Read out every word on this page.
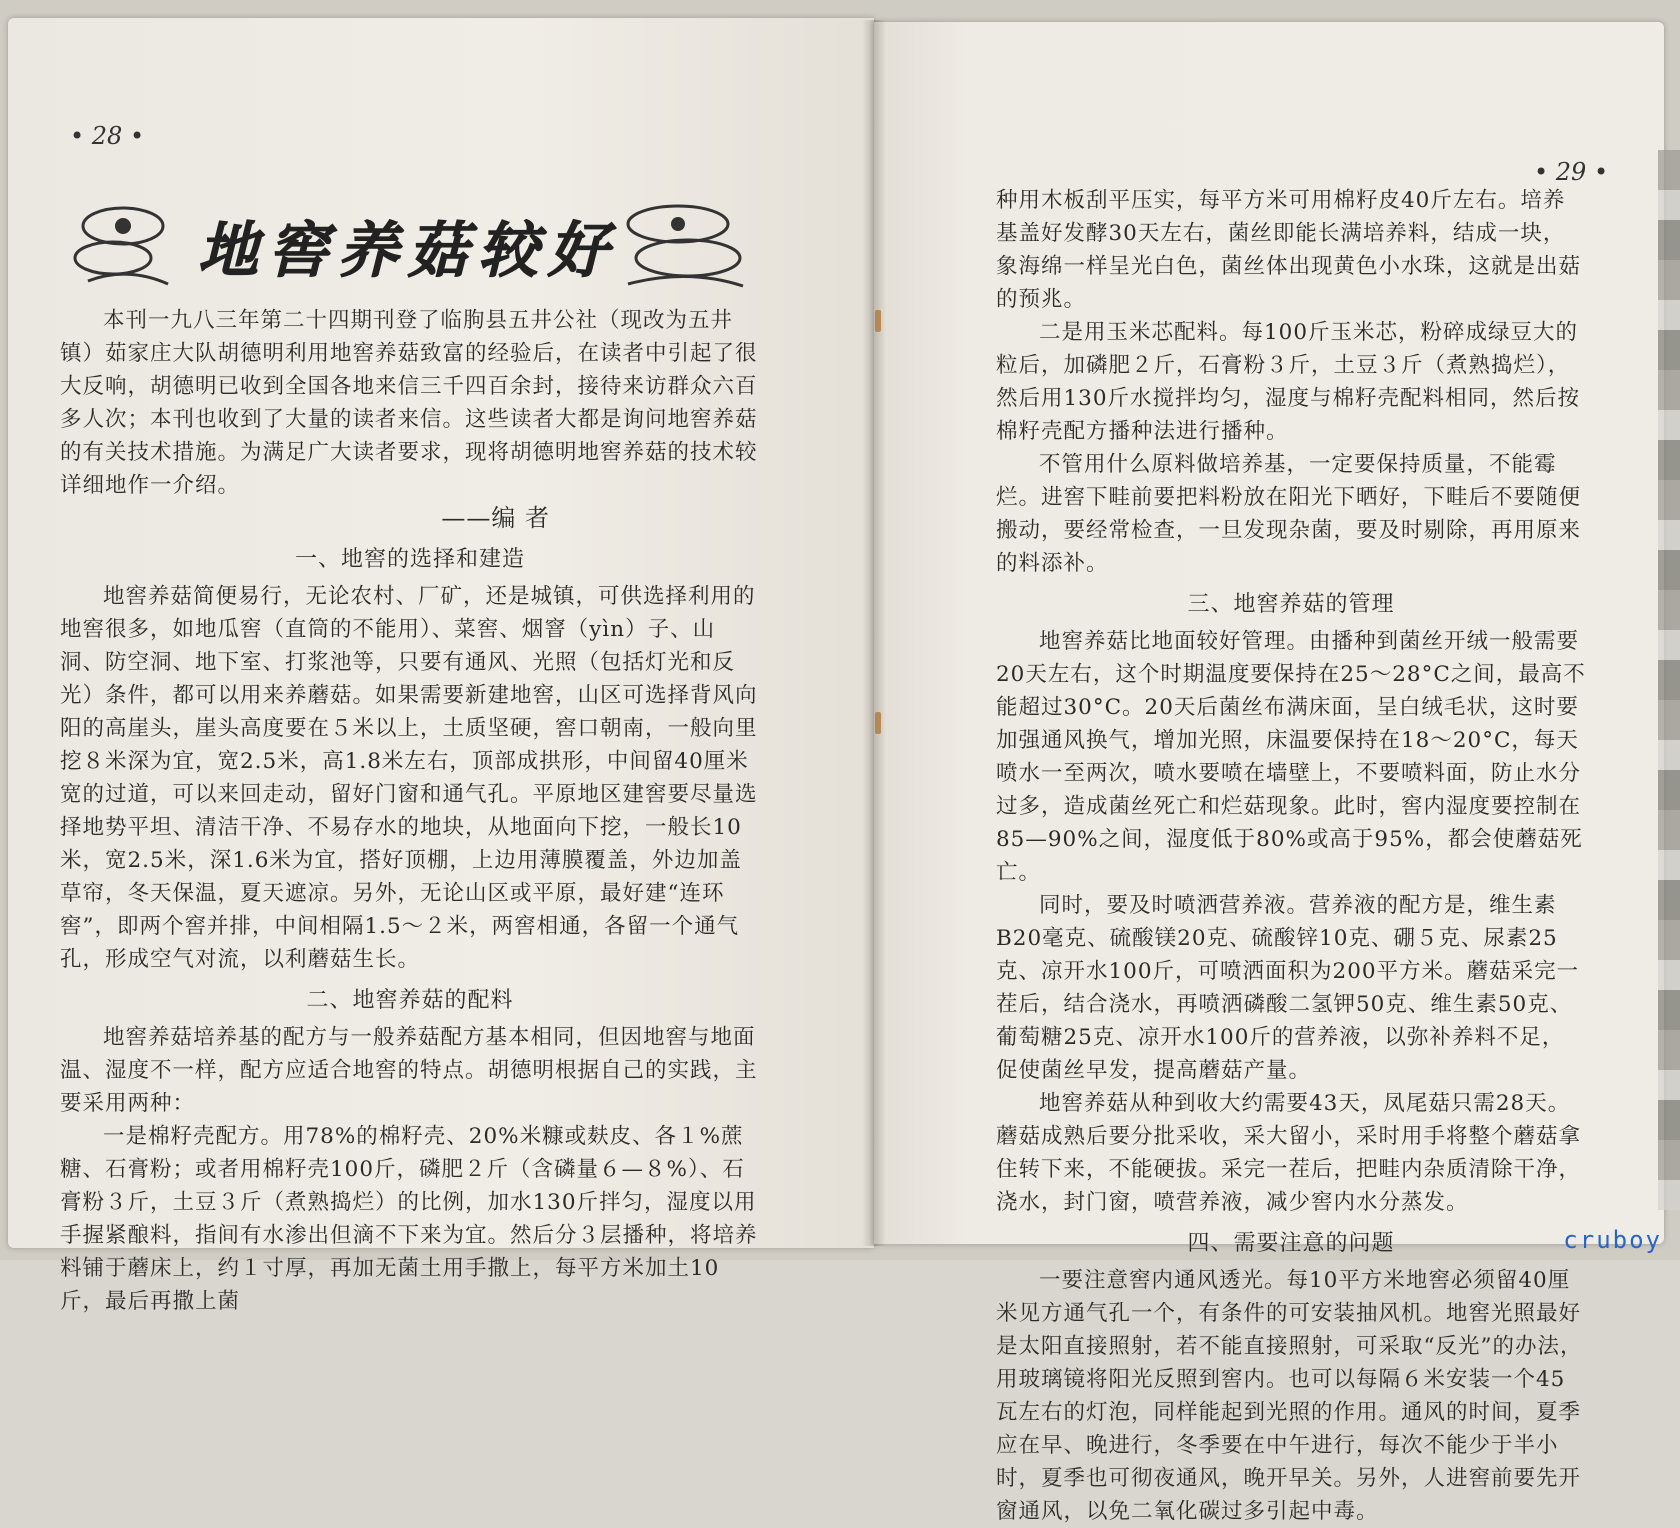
• 28 •
地窖养菇较好

本刊一九八三年第二十四期刊登了临朐县五井公社（现改为五井镇）茹家庄大队胡德明利用地窖养菇致富的经验后，在读者中引起了很大反响，胡德明已收到全国各地来信三千四百余封，接待来访群众六百多人次；本刊也收到了大量的读者来信。这些读者大都是询问地窖养菇的有关技术措施。为满足广大读者要求，现将胡德明地窖养菇的技术较详细地作一介绍。

——编 者

一、地窖的选择和建造

地窖养菇简便易行，无论农村、厂矿，还是城镇，可供选择利用的地窖很多，如地瓜窖（直筒的不能用）、菜窖、烟窨（yìn）子、山洞、防空洞、地下室、打浆池等，只要有通风、光照（包括灯光和反光）条件，都可以用来养蘑菇。如果需要新建地窖，山区可选择背风向阳的高崖头，崖头高度要在５米以上，土质坚硬，窖口朝南，一般向里挖８米深为宜，宽2.5米，高1.8米左右，顶部成拱形，中间留40厘米宽的过道，可以来回走动，留好门窗和通气孔。平原地区建窖要尽量选择地势平坦、清洁干净、不易存水的地块，从地面向下挖，一般长10米，宽2.5米，深1.6米为宜，搭好顶棚，上边用薄膜覆盖，外边加盖草帘，冬天保温，夏天遮凉。另外，无论山区或平原，最好建“连环窖”，即两个窖并排，中间相隔1.5～２米，两窖相通，各留一个通气孔，形成空气对流，以利蘑菇生长。

二、地窖养菇的配料

地窖养菇培养基的配方与一般养菇配方基本相同，但因地窖与地面温、湿度不一样，配方应适合地窖的特点。胡德明根据自己的实践，主要采用两种：

一是棉籽壳配方。用78%的棉籽壳、20%米糠或麸皮、各１%蔗糖、石膏粉；或者用棉籽壳100斤，磷肥２斤（含磷量６—８%）、石膏粉３斤，土豆３斤（煮熟捣烂）的比例，加水130斤拌匀，湿度以用手握紧酿料，指间有水渗出但滴不下来为宜。然后分３层播种，将培养料铺于蘑床上，约１寸厚，再加无菌土用手撒上，每平方米加土10斤，最后再撒上菌

• 29 •

种用木板刮平压实，每平方米可用棉籽皮40斤左右。培养基盖好发酵30天左右，菌丝即能长满培养料，结成一块，象海绵一样呈光白色，菌丝体出现黄色小水珠，这就是出菇的预兆。

二是用玉米芯配料。每100斤玉米芯，粉碎成绿豆大的粒后，加磷肥２斤，石膏粉３斤，土豆３斤（煮熟捣烂），然后用130斤水搅拌均匀，湿度与棉籽壳配料相同，然后按棉籽壳配方播种法进行播种。

不管用什么原料做培养基，一定要保持质量，不能霉烂。进窖下畦前要把料粉放在阳光下晒好，下畦后不要随便搬动，要经常检查，一旦发现杂菌，要及时剔除，再用原来的料添补。

三、地窖养菇的管理

地窖养菇比地面较好管理。由播种到菌丝开绒一般需要20天左右，这个时期温度要保持在25～28°C之间，最高不能超过30°C。20天后菌丝布满床面，呈白绒毛状，这时要加强通风换气，增加光照，床温要保持在18～20°C，每天喷水一至两次，喷水要喷在墙壁上，不要喷料面，防止水分过多，造成菌丝死亡和烂菇现象。此时，窖内湿度要控制在85—90%之间，湿度低于80%或高于95%，都会使蘑菇死亡。

同时，要及时喷洒营养液。营养液的配方是，维生素B20毫克、硫酸镁20克、硫酸锌10克、硼５克、尿素25克、凉开水100斤，可喷洒面积为200平方米。蘑菇采完一茬后，结合浇水，再喷洒磷酸二氢钾50克、维生素50克、葡萄糖25克、凉开水100斤的营养液，以弥补养料不足，促使菌丝早发，提高蘑菇产量。

地窖养菇从种到收大约需要43天，凤尾菇只需28天。蘑菇成熟后要分批采收，采大留小，采时用手将整个蘑菇拿住转下来，不能硬拔。采完一茬后，把畦内杂质清除干净，浇水，封门窗，喷营养液，减少窖内水分蒸发。

四、需要注意的问题

一要注意窖内通风透光。每10平方米地窖必须留40厘米见方通气孔一个，有条件的可安装抽风机。地窖光照最好是太阳直接照射，若不能直接照射，可采取“反光”的办法，用玻璃镜将阳光反照到窖内。也可以每隔６米安装一个45瓦左右的灯泡，同样能起到光照的作用。通风的时间，夏季应在早、晚进行，冬季要在中午进行，每次不能少于半小时，夏季也可彻夜通风，晚开早关。另外，人进窖前要先开窗通风，以免二氧化碳过多引起中毒。

cruboy
